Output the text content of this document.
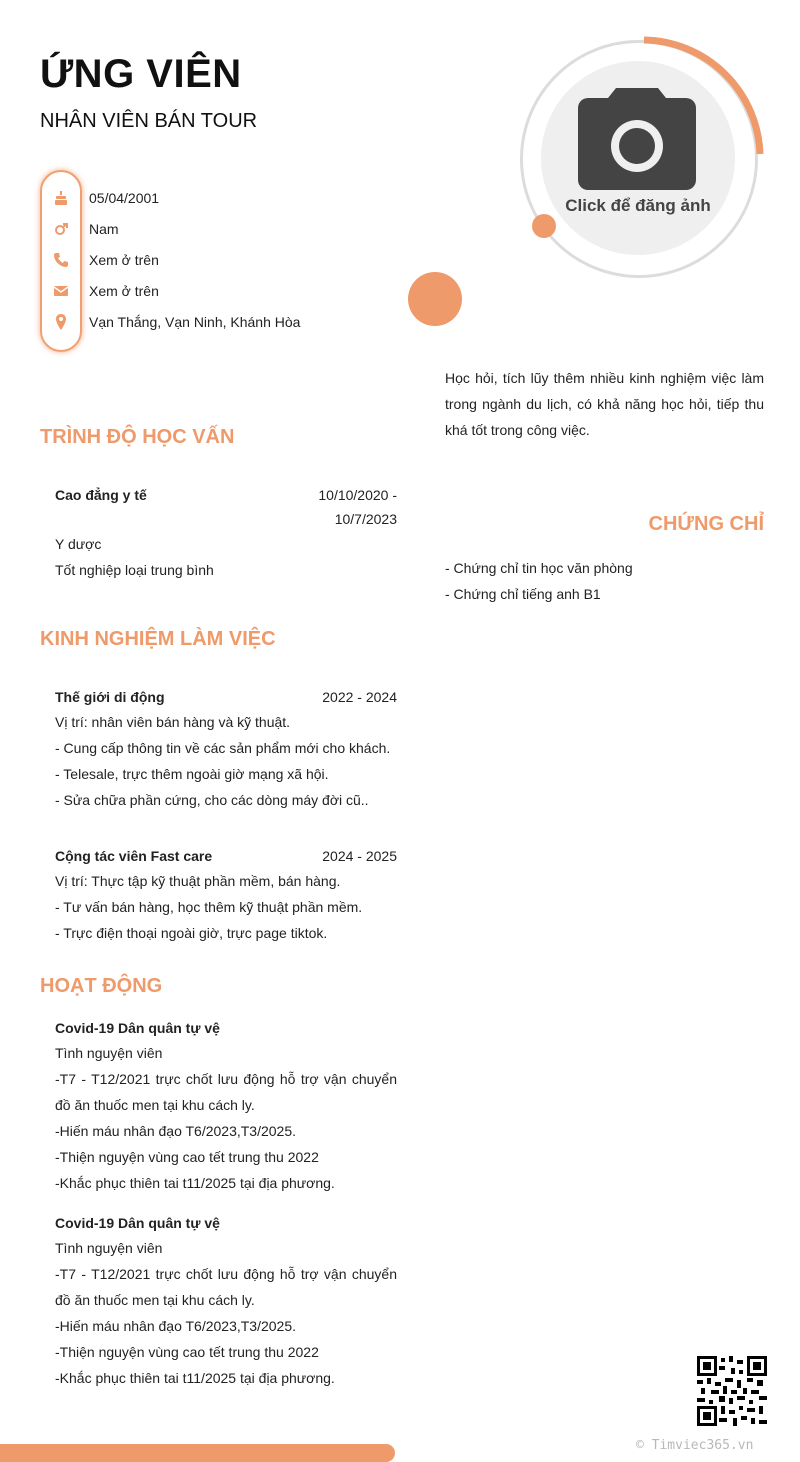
ỨNG VIÊN
NHÂN VIÊN BÁN TOUR
05/04/2001
Nam
Xem ở trên
Xem ở trên
Vạn Thắng, Vạn Ninh, Khánh Hòa
Click để đăng ảnh
Học hỏi, tích lũy thêm nhiều kinh nghiệm việc làm trong ngành du lịch, có khả năng học hỏi, tiếp thu khá tốt trong công việc.
CHỨNG CHỈ
- Chứng chỉ tin học văn phòng
- Chứng chỉ tiếng anh B1
TRÌNH ĐỘ HỌC VẤN
Cao đẳng y tế	10/10/2020 -
10/7/2023
Y dược
Tốt nghiệp loại trung bình
KINH NGHIỆM LÀM VIỆC
Thế giới di động	2022 - 2024
Vị trí: nhân viên bán hàng và kỹ thuật.
- Cung cấp thông tin về các sản phẩm mới cho khách.
- Telesale, trực thêm ngoài giờ mạng xã hội.
- Sửa chữa phần cứng, cho các dòng máy đời cũ..
Cộng tác viên Fast care	2024 - 2025
Vị trí: Thực tập kỹ thuật phần mềm, bán hàng.
- Tư vấn bán hàng, học thêm kỹ thuật phần mềm.
- Trực điện thoại ngoài giờ, trực page tiktok.
HOẠT ĐỘNG
Covid-19 Dân quân tự vệ
Tình nguyện viên
-T7 - T12/2021 trực chốt lưu động hỗ trợ vận chuyển đồ ăn thuốc men tại khu cách ly.
-Hiến máu nhân đạo T6/2023,T3/2025.
-Thiện nguyện vùng cao tết trung thu 2022
-Khắc phục thiên tai t11/2025 tại địa phương.
Covid-19 Dân quân tự vệ
Tình nguyện viên
-T7 - T12/2021 trực chốt lưu động hỗ trợ vận chuyển đồ ăn thuốc men tại khu cách ly.
-Hiến máu nhân đạo T6/2023,T3/2025.
-Thiện nguyện vùng cao tết trung thu 2022
-Khắc phục thiên tai t11/2025 tại địa phương.
© Timviec365.vn
